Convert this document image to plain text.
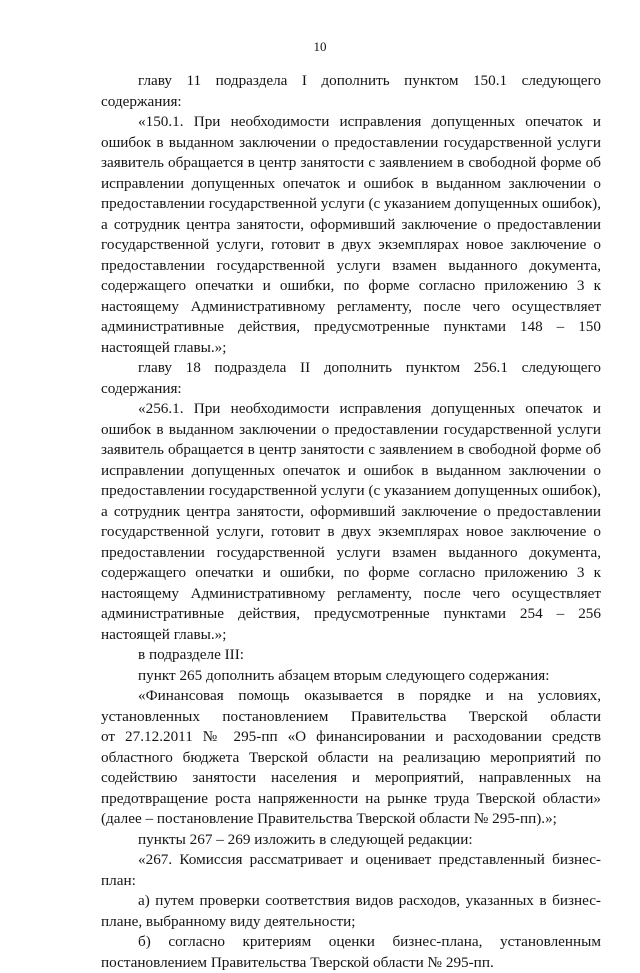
10
главу 11 подраздела I дополнить пунктом 150.1 следующего
содержания:
«150.1. При необходимости исправления допущенных опечаток и
ошибок в выданном заключении о предоставлении государственной услуги
заявитель обращается в центр занятости с заявлением в свободной форме об
исправлении допущенных опечаток и ошибок в выданном заключении о
предоставлении государственной услуги (с указанием допущенных ошибок),
а сотрудник центра занятости, оформивший заключение о предоставлении
государственной услуги, готовит в двух экземплярах новое заключение о
предоставлении государственной услуги взамен выданного документа,
содержащего опечатки и ошибки, по форме согласно приложению 3 к
настоящему Административному регламенту, после чего осуществляет
административные действия, предусмотренные пунктами 148 – 150
настоящей главы.»;
главу 18 подраздела II дополнить пунктом 256.1 следующего
содержания:
«256.1. При необходимости исправления допущенных опечаток и
ошибок в выданном заключении о предоставлении государственной услуги
заявитель обращается в центр занятости с заявлением в свободной форме об
исправлении допущенных опечаток и ошибок в выданном заключении о
предоставлении государственной услуги (с указанием допущенных ошибок),
а сотрудник центра занятости, оформивший заключение о предоставлении
государственной услуги, готовит в двух экземплярах новое заключение о
предоставлении государственной услуги взамен выданного документа,
содержащего опечатки и ошибки, по форме согласно приложению 3 к
настоящему Административному регламенту, после чего осуществляет
административные действия, предусмотренные пунктами 254 – 256
настоящей главы.»;
в подразделе III:
пункт 265 дополнить абзацем вторым следующего содержания:
«Финансовая помощь оказывается в порядке и на условиях,
установленных постановлением Правительства Тверской области
от 27.12.2011 № 295-пп «О финансировании и расходовании средств
областного бюджета Тверской области на реализацию мероприятий по
содействию занятости населения и мероприятий, направленных на
предотвращение роста напряженности на рынке труда Тверской области»
(далее – постановление Правительства Тверской области № 295-пп).»;
пункты 267 – 269 изложить в следующей редакции:
«267. Комиссия рассматривает и оценивает представленный бизнес-
план:
а) путем проверки соответствия видов расходов, указанных в бизнес-
плане, выбранному виду деятельности;
б) согласно критериям оценки бизнес-плана, установленным
постановлением Правительства Тверской области № 295-пп.
